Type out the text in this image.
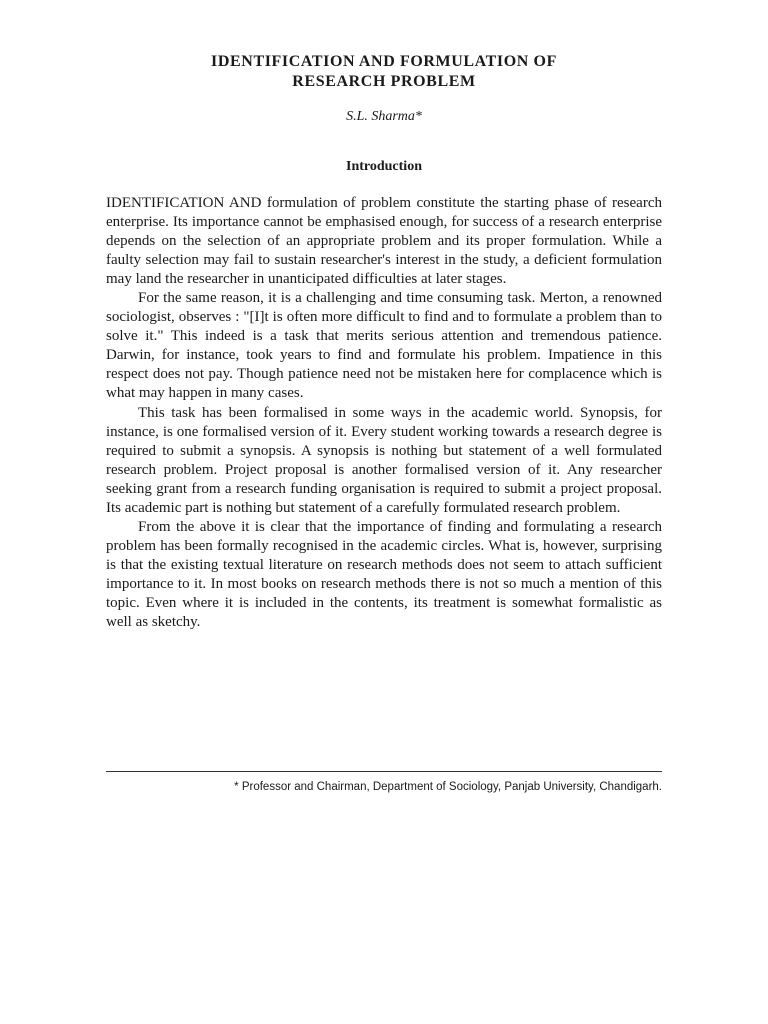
IDENTIFICATION AND FORMULATION OF
RESEARCH PROBLEM
S.L. Sharma*
Introduction

IDENTIFICATION AND formulation of problem constitute the starting phase of research enterprise. Its importance cannot be emphasised enough, for success of a research enterprise depends on the selection of an appropriate problem and its proper formulation. While a faulty selection may fail to sustain researcher's interest in the study, a deficient formulation may land the researcher in unanticipated difficulties at later stages.

For the same reason, it is a challenging and time consuming task. Merton, a renowned sociologist, observes : "[I]t is often more difficult to find and to formulate a problem than to solve it." This indeed is a task that merits serious attention and tremendous patience. Darwin, for instance, took years to find and formulate his problem. Impatience in this respect does not pay. Though patience need not be mistaken here for complacence which is what may happen in many cases.

This task has been formalised in some ways in the academic world. Synopsis, for instance, is one formalised version of it. Every student working towards a research degree is required to submit a synopsis. A synopsis is nothing but statement of a well formulated research problem. Project proposal is another formalised version of it. Any researcher seeking grant from a research funding organisation is required to submit a project proposal. Its academic part is nothing but statement of a carefully formulated research problem.

From the above it is clear that the importance of finding and formulating a research problem has been formally recognised in the academic circles. What is, however, surprising is that the existing textual literature on research methods does not seem to attach sufficient importance to it. In most books on research methods there is not so much a mention of this topic. Even where it is included in the contents, its treatment is somewhat formalistic as well as sketchy.

* Professor and Chairman, Department of Sociology, Panjab University, Chandigarh.
